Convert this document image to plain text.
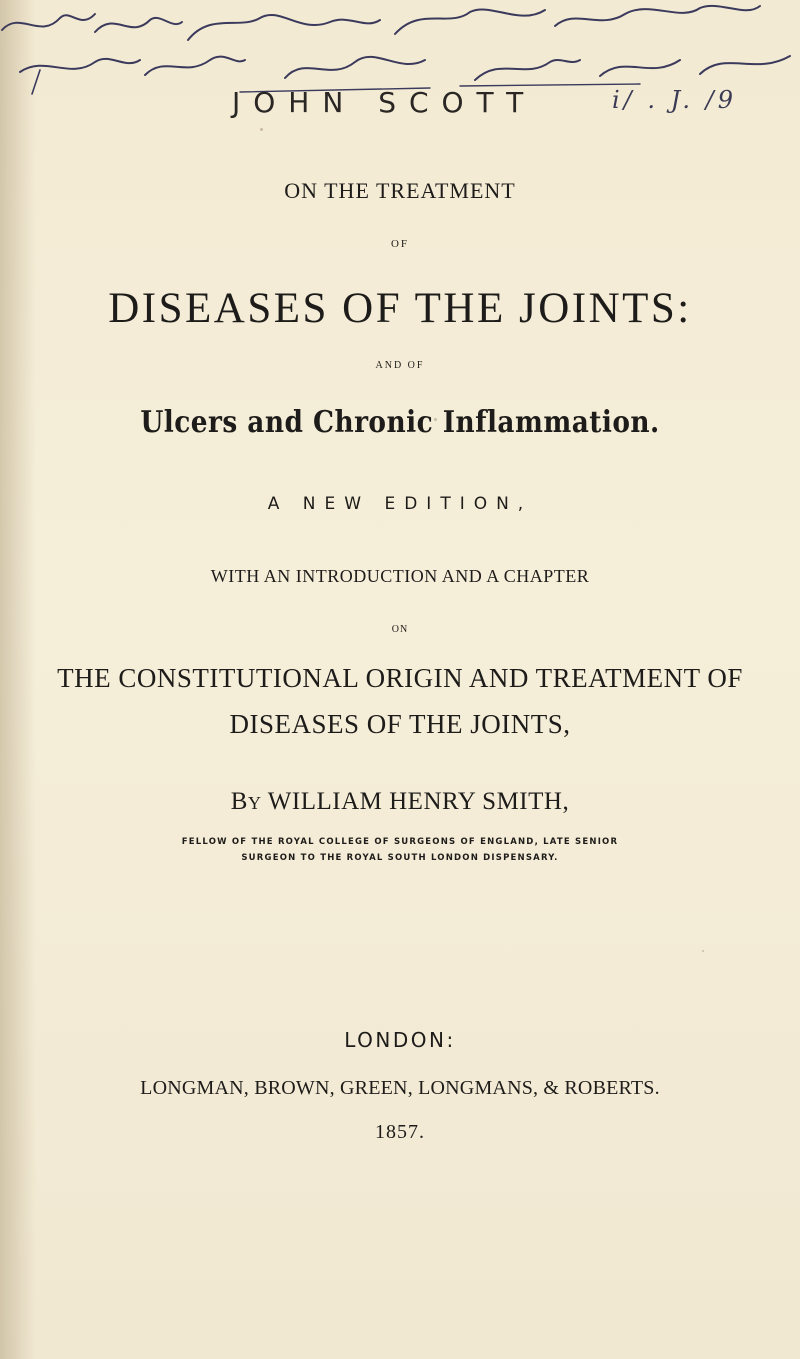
JOHN SCOTT	i/ . J. /9
ON THE TREATMENT
OF
DISEASES OF THE JOINTS:
AND OF
Ulcers and Chronic Inflammation.
A NEW EDITION,
WITH AN INTRODUCTION AND A CHAPTER
ON
THE CONSTITUTIONAL ORIGIN AND TREATMENT OF
DISEASES OF THE JOINTS,
By WILLIAM HENRY SMITH,
FELLOW OF THE ROYAL COLLEGE OF SURGEONS OF ENGLAND, LATE SENIOR
SURGEON TO THE ROYAL SOUTH LONDON DISPENSARY.
LONDON:
LONGMAN, BROWN, GREEN, LONGMANS, & ROBERTS.
1857.
